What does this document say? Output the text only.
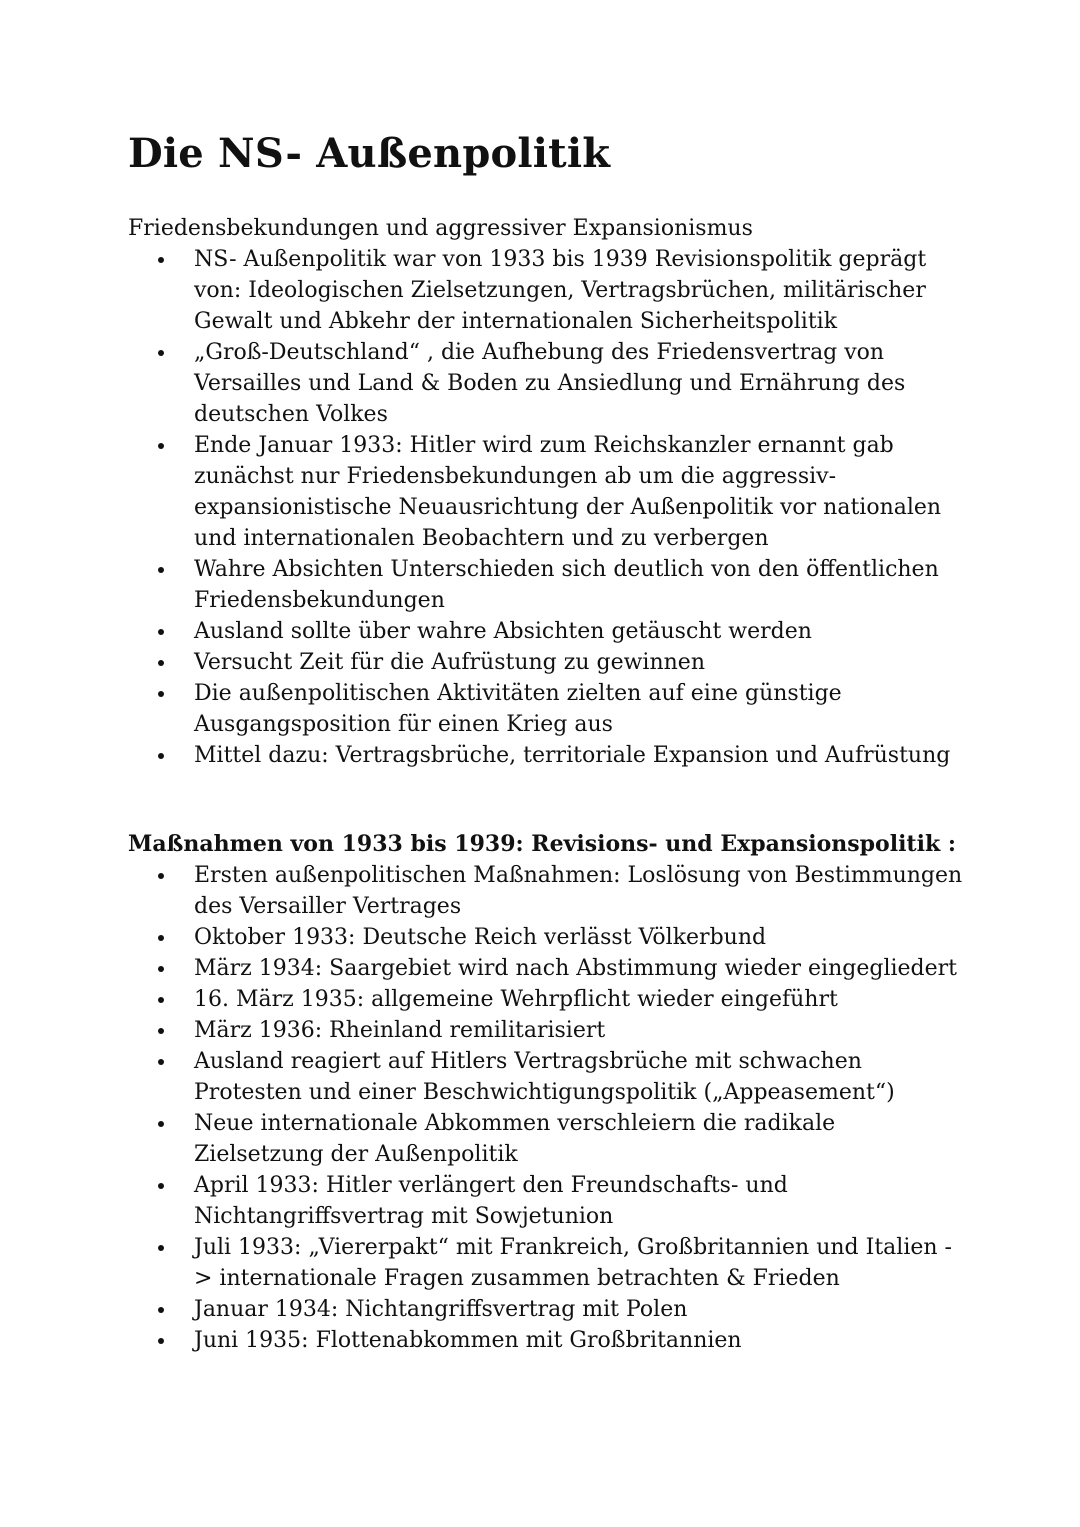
Die NS- Außenpolitik

Friedensbekundungen und aggressiver Expansionismus

NS- Außenpolitik war von 1933 bis 1939 Revisionspolitik geprägt von: Ideologischen Zielsetzungen, Vertragsbrüchen, militärischer Gewalt und Abkehr der internationalen Sicherheitspolitik
„Groß-Deutschland“ , die Aufhebung des Friedensvertrag von Versailles und Land & Boden zu Ansiedlung und Ernährung des deutschen Volkes
Ende Januar 1933: Hitler wird zum Reichskanzler ernannt gab zunächst nur Friedensbekundungen ab um die aggressiv-expansionistische Neuausrichtung der Außenpolitik vor nationalen und internationalen Beobachtern und zu verbergen
Wahre Absichten Unterschieden sich deutlich von den öffentlichen Friedensbekundungen
Ausland sollte über wahre Absichten getäuscht werden
Versucht Zeit für die Aufrüstung zu gewinnen
Die außenpolitischen Aktivitäten zielten auf eine günstige Ausgangsposition für einen Krieg aus
Mittel dazu: Vertragsbrüche, territoriale Expansion und Aufrüstung

Maßnahmen von 1933 bis 1939: Revisions- und Expansionspolitik :

Ersten außenpolitischen Maßnahmen: Loslösung von Bestimmungen des Versailler Vertrages
Oktober 1933: Deutsche Reich verlässt Völkerbund
März 1934: Saargebiet wird nach Abstimmung wieder eingegliedert
16. März 1935: allgemeine Wehrpflicht wieder eingeführt
März 1936: Rheinland remilitarisiert
Ausland reagiert auf Hitlers Vertragsbrüche mit schwachen Protesten und einer Beschwichtigungspolitik („Appeasement“)
Neue internationale Abkommen verschleiern die radikale Zielsetzung der Außenpolitik
April 1933: Hitler verlängert den Freundschafts- und Nichtangriffsvertrag mit Sowjetunion
Juli 1933: „Viererpakt“ mit Frankreich, Großbritannien und Italien -> internationale Fragen zusammen betrachten & Frieden
Januar 1934: Nichtangriffsvertrag mit Polen
Juni 1935: Flottenabkommen mit Großbritannien
